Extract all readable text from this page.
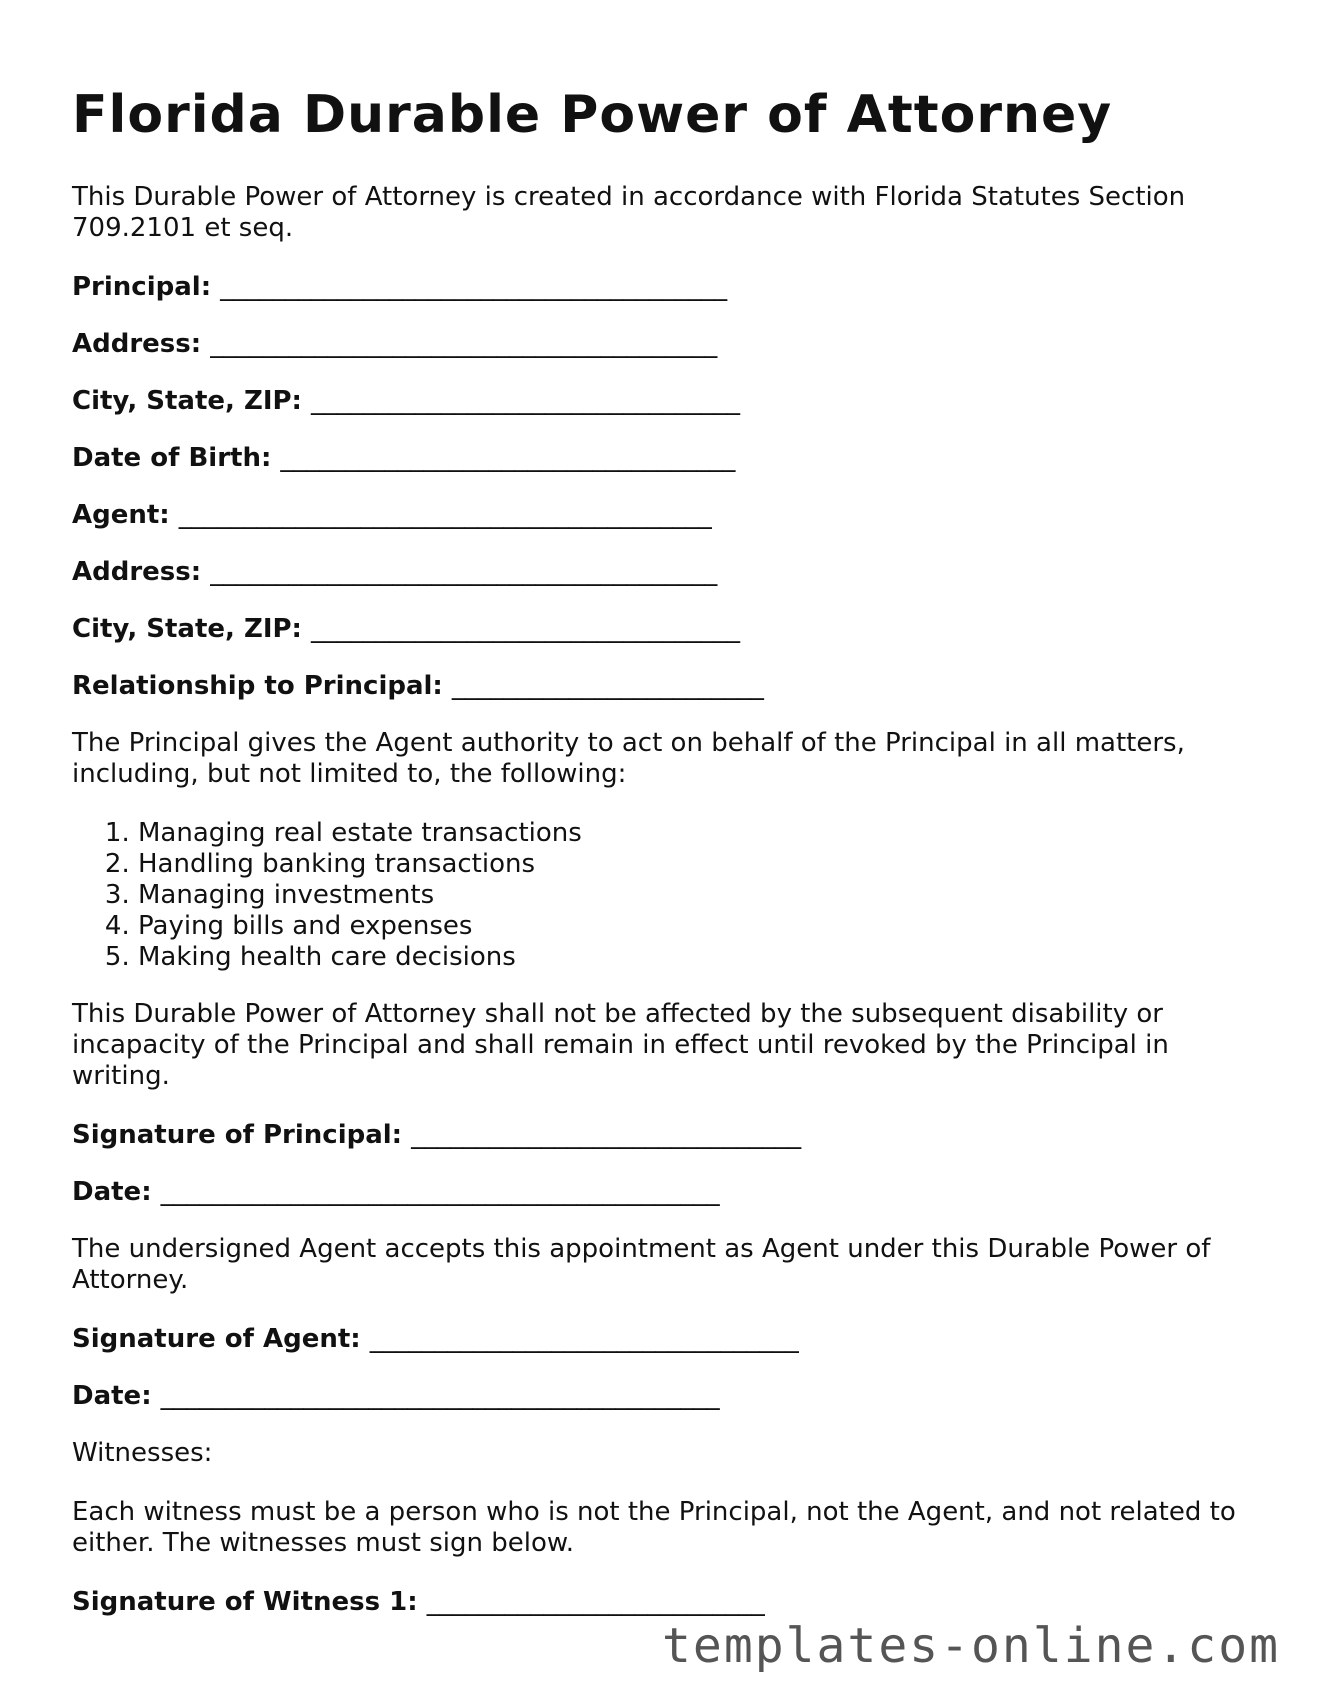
Florida Durable Power of Attorney

This Durable Power of Attorney is created in accordance with Florida Statutes Section 709.2101 et seq.

Principal: _______________________________________
Address: _______________________________________
City, State, ZIP: _________________________________
Date of Birth: ___________________________________
Agent: _________________________________________
Address: _______________________________________
City, State, ZIP: _________________________________
Relationship to Principal: ________________________

The Principal gives the Agent authority to act on behalf of the Principal in all matters, including, but not limited to, the following:

1. Managing real estate transactions
2. Handling banking transactions
3. Managing investments
4. Paying bills and expenses
5. Making health care decisions

This Durable Power of Attorney shall not be affected by the subsequent disability or incapacity of the Principal and shall remain in effect until revoked by the Principal in writing.

Signature of Principal: ______________________________
Date: ___________________________________________

The undersigned Agent accepts this appointment as Agent under this Durable Power of Attorney.

Signature of Agent: _________________________________
Date: ___________________________________________

Witnesses:

Each witness must be a person who is not the Principal, not the Agent, and not related to either. The witnesses must sign below.

Signature of Witness 1: __________________________
templates-online.com
